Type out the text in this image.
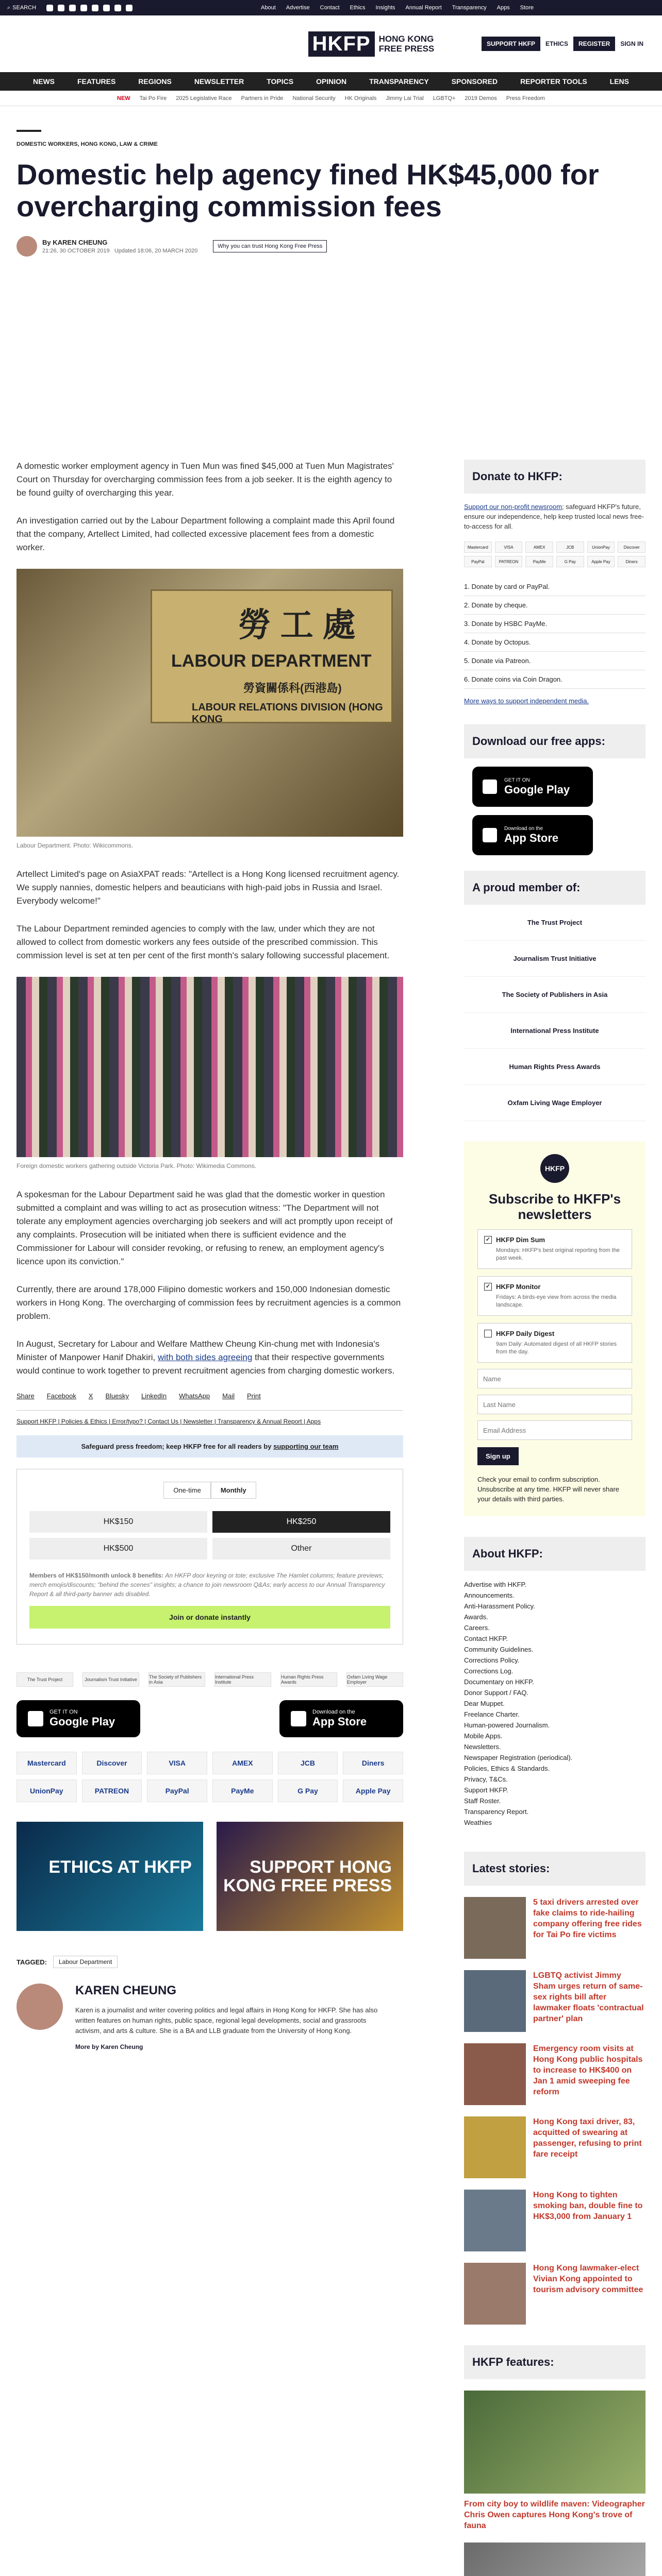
⌕ SEARCH	About Advertise Contact Ethics Insights Annual Report Transparency Apps Store
HKFP HONG KONG
FREE PRESS	SUPPORT HKFP	ETHICS	REGISTER	SIGN IN
NEWS	FEATURES	REGIONS	NEWSLETTER	TOPICS	OPINION	TRANSPARENCY	SPONSORED	REPORTER TOOLS	LENS
NEW Tai Po Fire 2025 Legislative Race Partners in Pride National Security HK Originals Jimmy Lai Trial LGBTQ+ 2019 Demos Press Freedom
DOMESTIC WORKERS, HONG KONG, LAW & CRIME
Domestic help agency fined HK$45,000 for overcharging commission fees
By KAREN CHEUNG
21:26, 30 OCTOBER 2019 Updated 18:06, 20 MARCH 2020
Why you can trust Hong Kong Free Press

A domestic worker employment agency in Tuen Mun was fined $45,000 at Tuen Mun Magistrates' Court on Thursday for overcharging commission fees from a job seeker. It is the eighth agency to be found guilty of overcharging this year.

An investigation carried out by the Labour Department following a complaint made this April found that the company, Artellect Limited, had collected excessive placement fees from a domestic worker.

勞 工 處
LABOUR DEPARTMENT
勞資關係科(西港島)
LABOUR RELATIONS DIVISION (HONG KONG
Labour Department. Photo: Wikicommons.

Artellect Limited's page on AsiaXPAT reads: "Artellect is a Hong Kong licensed recruitment agency. We supply nannies, domestic helpers and beauticians with high-paid jobs in Russia and Israel. Everybody welcome!"

The Labour Department reminded agencies to comply with the law, under which they are not allowed to collect from domestic workers any fees outside of the prescribed commission. This commission level is set at ten per cent of the first month's salary following successful placement.

Foreign domestic workers gathering outside Victoria Park. Photo: Wikimedia Commons.

A spokesman for the Labour Department said he was glad that the domestic worker in question submitted a complaint and was willing to act as prosecution witness: "The Department will not tolerate any employment agencies overcharging job seekers and will act promptly upon receipt of any complaints. Prosecution will be initiated when there is sufficient evidence and the Commissioner for Labour will consider revoking, or refusing to renew, an employment agency's licence upon its conviction."

Currently, there are around 178,000 Filipino domestic workers and 150,000 Indonesian domestic workers in Hong Kong. The overcharging of commission fees by recruitment agencies is a common problem.

In August, Secretary for Labour and Welfare Matthew Cheung Kin-chung met with Indonesia's Minister of Manpower Hanif Dhakiri, with both sides agreeing that their respective governments would continue to work together to prevent recruitment agencies from charging domestic workers.

Share Facebook X Bluesky LinkedIn WhatsApp Mail Print
Support HKFP | Policies & Ethics | Error/typo? | Contact Us | Newsletter | Transparency & Annual Report | Apps
Safeguard press freedom; keep HKFP free for all readers by supporting our team
One-time	Monthly
HK$150	HK$250
HK$500	Other
Members of HK$150/month unlock 8 benefits: An HKFP door keyring or tote; exclusive The Hamlet columns; feature previews; merch emojis/discounts; "behind the scenes" insights; a chance to join newsroom Q&As; early access to our Annual Transparency Report & all third-party banner ads disabled.
Join or donate instantly
The Trust Project	Journalism Trust Initiative	The Society of Publishers in Asia
International Press Institute
Human Rights Press Awards
Oxfam Living Wage Employer
GET IT ON
Google Play
Download on the
App Store
Mastercard	Discover	VISA	AMEX	JCB	Diners
UnionPay	PATREON	PayPal	PayMe	G Pay	Apple Pay
ETHICS AT HKFP	SUPPORT HONG KONG FREE PRESS
TAGGED:	Labour Department
KAREN CHEUNG
Karen is a journalist and writer covering politics and legal affairs in Hong Kong for HKFP. She has also written features on human rights, public space, regional legal developments, social and grassroots activism, and arts & culture. She is a BA and LLB graduate from the University of Hong Kong.
More by Karen Cheung
Donate to HKFP:

Support our non-profit newsroom; safeguard HKFP's future, ensure our independence, help keep trusted local news free-to-access for all.

Mastercard	VISA	AMEX	JCB	UnionPay	Discover
PayPal	PATREON	PayMe	G Pay	Apple Pay	Diners
1. Donate by card or PayPal.
2. Donate by cheque.
3. Donate by HSBC PayMe.
4. Donate by Octopus.
5. Donate via Patreon.
6. Donate coins via Coin Dragon.

More ways to support independent media.

Download our free apps:
GET IT ON
Google Play
Download on the
App Store
A proud member of:
The Trust Project
Journalism Trust Initiative
The Society of Publishers in Asia
International Press Institute
Human Rights Press Awards
Oxfam Living Wage Employer
HKFP
Subscribe to HKFP's newsletters
✓ HKFP Dim Sum
Mondays: HKFP's best original reporting from the past week.
✓ HKFP Monitor
Fridays: A birds-eye view from across the media landscape.
HKFP Daily Digest
9am Daily: Automated digest of all HKFP stories from the day.
Name Last Name Email Address Sign up
Check your email to confirm subscription. Unsubscribe at any time. HKFP will never share your details with third parties.
About HKFP:
Advertise with HKFP.
Announcements.
Anti-Harassment Policy.
Awards.
Careers.
Contact HKFP.
Community Guidelines.
Corrections Policy.
Corrections Log.
Documentary on HKFP.
Donor Support / FAQ.
Dear Muppet.
Freelance Charter.
Human-powered Journalism.
Mobile Apps.
Newsletters.
Newspaper Registration (periodical).
Policies, Ethics & Standards.
Privacy, T&Cs.
Support HKFP.
Staff Roster.
Transparency Report.
Weathies
Latest stories:
5 taxi drivers arrested over fake claims to ride-hailing company offering free rides for Tai Po fire victims
LGBTQ activist Jimmy Sham urges return of same-sex rights bill after lawmaker floats 'contractual partner' plan
Emergency room visits at Hong Kong public hospitals to increase to HK$400 on Jan 1 amid sweeping fee reform
Hong Kong taxi driver, 83, acquitted of swearing at passenger, refusing to print fare receipt
Hong Kong to tighten smoking ban, double fine to HK$3,000 from January 1
Hong Kong lawmaker-elect Vivian Kong appointed to tourism advisory committee
HKFP features:
From city boy to wildlife maven: Videographer Chris Owen captures Hong Kong's trove of fauna
